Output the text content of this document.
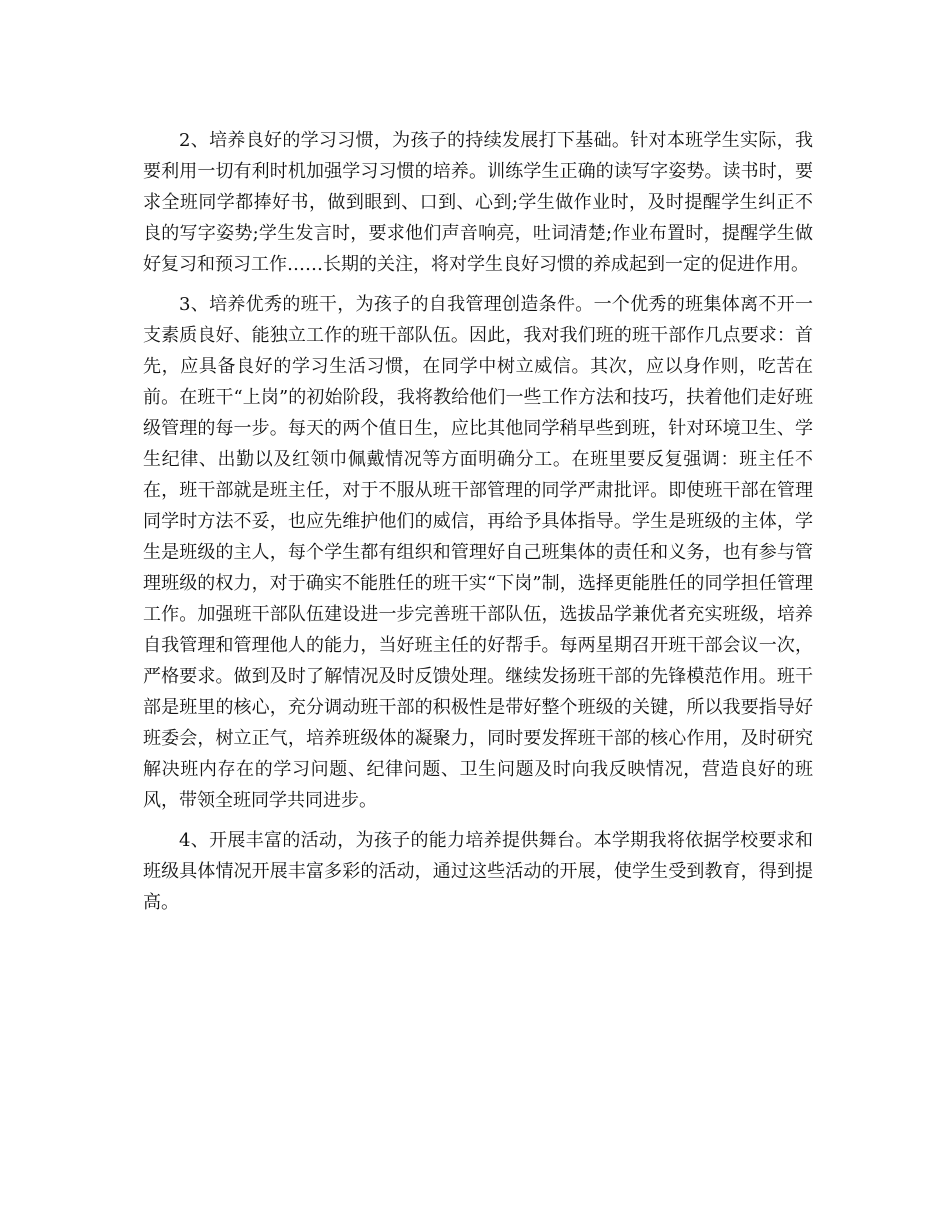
2、培养良好的学习习惯，为孩子的持续发展打下基础。针对本班学生实际，我要利用一切有利时机加强学习习惯的培养。训练学生正确的读写字姿势。读书时，要求全班同学都捧好书，做到眼到、口到、心到;学生做作业时，及时提醒学生纠正不良的写字姿势;学生发言时，要求他们声音响亮，吐词清楚;作业布置时，提醒学生做好复习和预习工作……长期的关注，将对学生良好习惯的养成起到一定的促进作用。

3、培养优秀的班干，为孩子的自我管理创造条件。一个优秀的班集体离不开一支素质良好、能独立工作的班干部队伍。因此，我对我们班的班干部作几点要求：首先，应具备良好的学习生活习惯，在同学中树立威信。其次，应以身作则，吃苦在前。在班干“上岗”的初始阶段，我将教给他们一些工作方法和技巧，扶着他们走好班级管理的每一步。每天的两个值日生，应比其他同学稍早些到班，针对环境卫生、学生纪律、出勤以及红领巾佩戴情况等方面明确分工。在班里要反复强调：班主任不在，班干部就是班主任，对于不服从班干部管理的同学严肃批评。即使班干部在管理同学时方法不妥，也应先维护他们的威信，再给予具体指导。学生是班级的主体，学生是班级的主人，每个学生都有组织和管理好自己班集体的责任和义务，也有参与管理班级的权力，对于确实不能胜任的班干实“下岗”制，选择更能胜任的同学担任管理工作。加强班干部队伍建设进一步完善班干部队伍，选拔品学兼优者充实班级，培养自我管理和管理他人的能力，当好班主任的好帮手。每两星期召开班干部会议一次，严格要求。做到及时了解情况及时反馈处理。继续发扬班干部的先锋模范作用。班干部是班里的核心，充分调动班干部的积极性是带好整个班级的关键，所以我要指导好班委会，树立正气，培养班级体的凝聚力，同时要发挥班干部的核心作用，及时研究解决班内存在的学习问题、纪律问题、卫生问题及时向我反映情况，营造良好的班风，带领全班同学共同进步。

4、开展丰富的活动，为孩子的能力培养提供舞台。本学期我将依据学校要求和班级具体情况开展丰富多彩的活动，通过这些活动的开展，使学生受到教育，得到提高。
